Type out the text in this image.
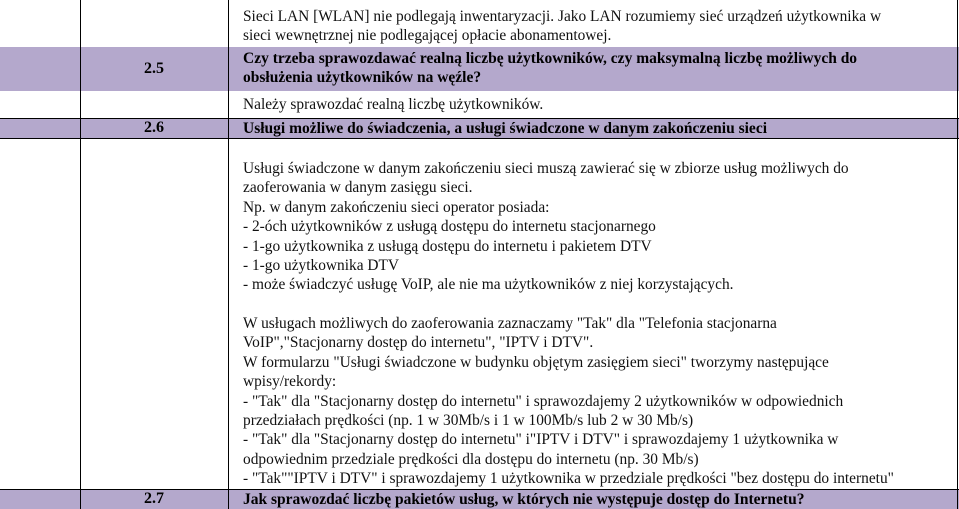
Sieci LAN [WLAN] nie podlegają inwentaryzacji. Jako LAN rozumiemy sieć urządzeń użytkownika w
sieci wewnętrznej nie podlegającej opłacie abonamentowej.
2.5
Czy trzeba sprawozdawać realną liczbę użytkowników, czy maksymalną liczbę możliwych do
obsłużenia użytkowników na węźle?
Należy sprawozdać realną liczbę użytkowników.
2.6	Usługi możliwe do świadczenia, a usługi świadczone w danym zakończeniu sieci
Usługi świadczone w danym zakończeniu sieci muszą zawierać się w zbiorze usług możliwych do
zaoferowania w danym zasięgu sieci.
Np. w danym zakończeniu sieci operator posiada:
- 2-óch użytkowników z usługą dostępu do internetu stacjonarnego
- 1-go użytkownika z usługą dostępu do internetu i pakietem DTV
- 1-go użytkownika DTV
- może świadczyć usługę VoIP, ale nie ma użytkowników z niej korzystających.
W usługach możliwych do zaoferowania zaznaczamy "Tak" dla "Telefonia stacjonarna
VoIP","Stacjonarny dostęp do internetu", "IPTV i DTV".
W formularzu "Usługi świadczone w budynku objętym zasięgiem sieci" tworzymy następujące
wpisy/rekordy:
- "Tak" dla "Stacjonarny dostęp do internetu" i sprawozdajemy 2 użytkowników w odpowiednich
przedziałach prędkości (np. 1 w 30Mb/s i 1 w 100Mb/s lub 2 w 30 Mb/s)
- "Tak" dla "Stacjonarny dostęp do internetu" i"IPTV i DTV" i sprawozdajemy 1 użytkownika w
odpowiednim przedziale prędkości dla dostępu do internetu (np. 30 Mb/s)
- "Tak""IPTV i DTV" i sprawozdajemy 1 użytkownika w przedziale prędkości "bez dostępu do internetu"
2.7	Jak sprawozdać liczbę pakietów usług, w których nie występuje dostęp do Internetu?
